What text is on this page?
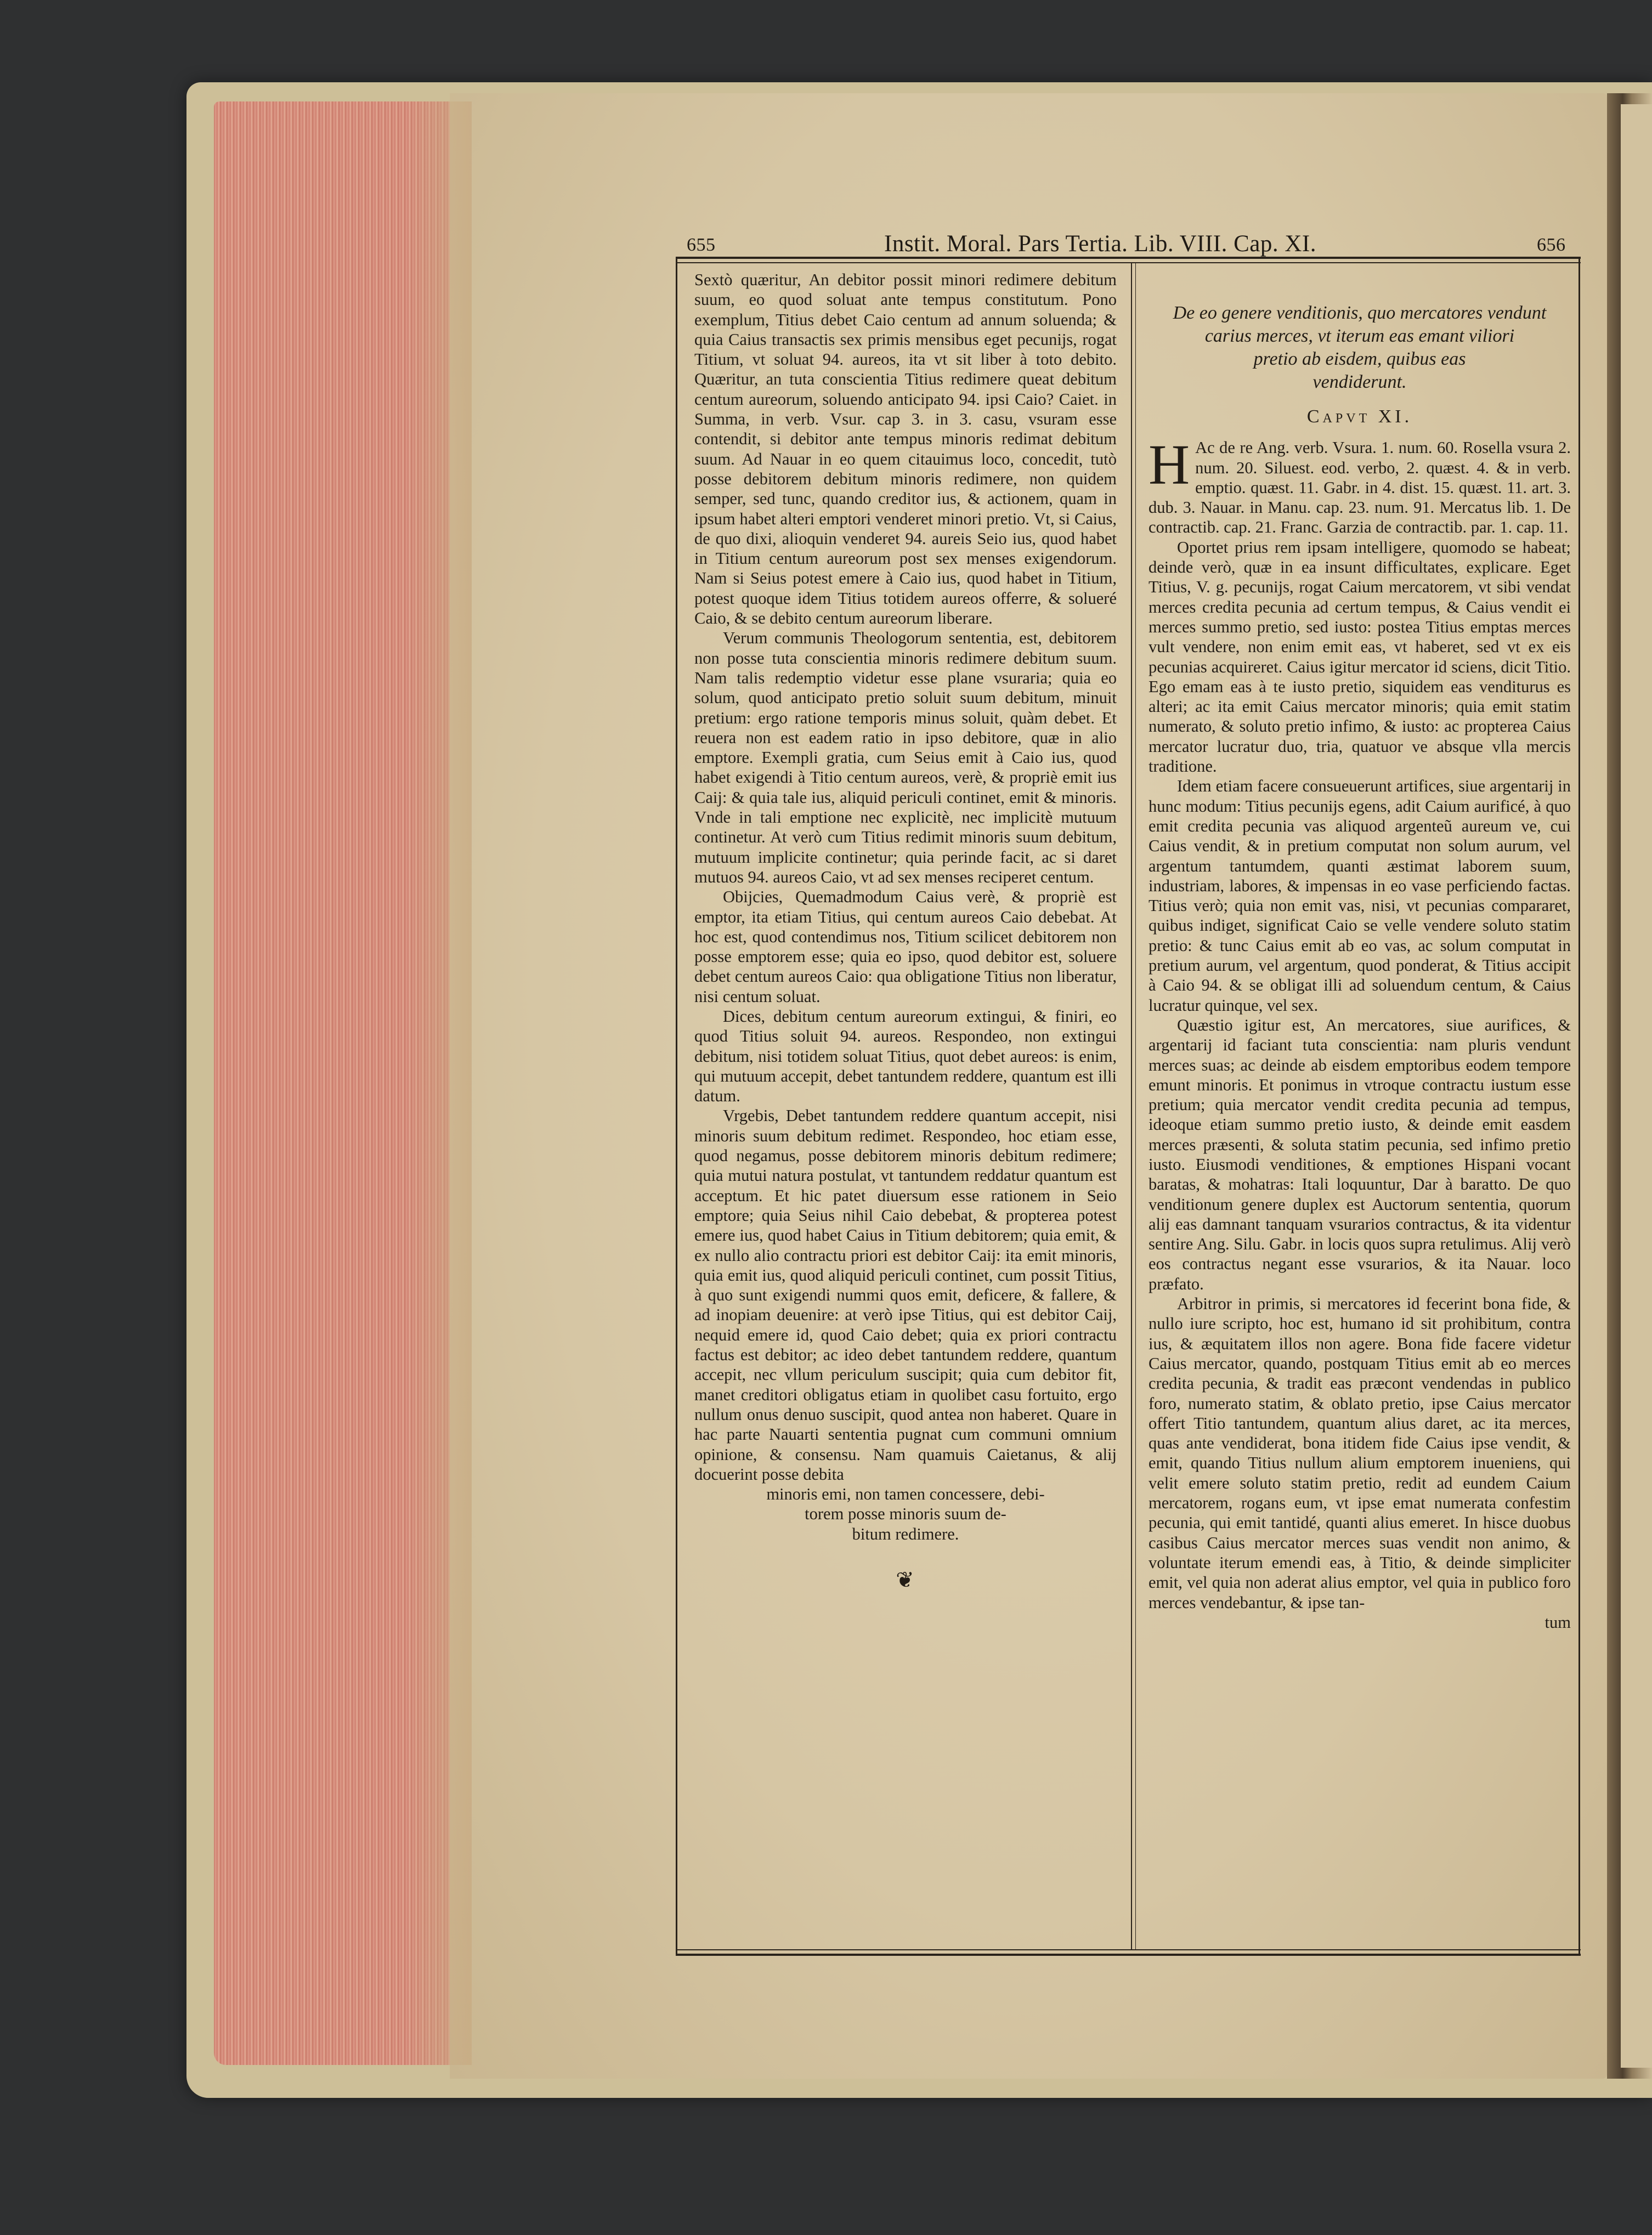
655	Instit. Moral. Pars Tertia. Lib. VIII. Cap. XI.	656

Sextò quæritur, An debitor possit minori redimere debitum suum, eo quod soluat ante tempus constitutum. Pono exemplum, Titius debet Caio centum ad annum soluenda; & quia Caius transactis sex primis mensibus eget pecunijs, rogat Titium, vt soluat 94. aureos, ita vt sit liber à toto debito. Quæritur, an tuta conscientia Titius redimere queat debitum centum aureorum, soluendo anticipato 94. ipsi Caio? Caiet. in Summa, in verb. Vsur. cap 3. in 3. casu, vsuram esse contendit, si debitor ante tempus minoris redimat debitum suum. Ad Nauar in eo quem citauimus loco, concedit, tutò posse debitorem debitum minoris redimere, non quidem semper, sed tunc, quando creditor ius, & actionem, quam in ipsum habet alteri emptori venderet minori pretio. Vt, si Caius, de quo dixi, alioquin venderet 94. aureis Seio ius, quod habet in Titium centum aureorum post sex menses exigendorum. Nam si Seius potest emere à Caio ius, quod habet in Titium, potest quoque idem Titius totidem aureos offerre, & solueré Caio, & se debito centum aureorum liberare.

Verum communis Theologorum sententia, est, debitorem non posse tuta conscientia minoris redimere debitum suum. Nam talis redemptio videtur esse plane vsuraria; quia eo solum, quod anticipato pretio soluit suum debitum, minuit pretium: ergo ratione temporis minus soluit, quàm debet. Et reuera non est eadem ratio in ipso debitore, quæ in alio emptore. Exempli gratia, cum Seius emit à Caio ius, quod habet exigendi à Titio centum aureos, verè, & propriè emit ius Caij: & quia tale ius, aliquid periculi continet, emit & minoris. Vnde in tali emptione nec explicitè, nec implicitè mutuum continetur. At verò cum Titius redimit minoris suum debitum, mutuum implicite continetur; quia perinde facit, ac si daret mutuos 94. aureos Caio, vt ad sex menses reciperet centum.

Obijcies, Quemadmodum Caius verè, & propriè est emptor, ita etiam Titius, qui centum aureos Caio debebat. At hoc est, quod contendimus nos, Titium scilicet debitorem non posse emptorem esse; quia eo ipso, quod debitor est, soluere debet centum aureos Caio: qua obligatione Titius non liberatur, nisi centum soluat.

Dices, debitum centum aureorum extingui, & finiri, eo quod Titius soluit 94. aureos. Respondeo, non extingui debitum, nisi totidem soluat Titius, quot debet aureos: is enim, qui mutuum accepit, debet tantundem reddere, quantum est illi datum.

Vrgebis, Debet tantundem reddere quantum accepit, nisi minoris suum debitum redimet. Respondeo, hoc etiam esse, quod negamus, posse debitorem minoris debitum redimere; quia mutui natura postulat, vt tantundem reddatur quantum est acceptum. Et hic patet diuersum esse rationem in Seio emptore; quia Seius nihil Caio debebat, & propterea potest emere ius, quod habet Caius in Titium debitorem; quia emit, & ex nullo alio contractu priori est debitor Caij: ita emit minoris, quia emit ius, quod aliquid periculi continet, cum possit Titius, à quo sunt exigendi nummi quos emit, deficere, & fallere, & ad inopiam deuenire: at verò ipse Titius, qui est debitor Caij, nequid emere id, quod Caio debet; quia ex priori contractu factus est debitor; ac ideo debet tantundem reddere, quantum accepit, nec vllum periculum suscipit; quia cum debitor fit, manet creditori obligatus etiam in quolibet casu fortuito, ergo nullum onus denuo suscipit, quod antea non haberet. Quare in hac parte Nauarti sententia pugnat cum communi omnium opinione, & consensu. Nam quamuis Caietanus, & alij docuerint posse debita

minoris emi, non tamen concessere, debi-

torem posse minoris suum de-

bitum redimere.

❦
De eo genere venditionis, quo mercatores vendunt
carius merces, vt iterum eas emant viliori
pretio ab eisdem, quibus eas
vendiderunt.
Capvt XI.

H Ac de re Ang. verb. Vsura. 1. num. 60. Rosella vsura 2. num. 20. Siluest. eod. verbo, 2. quæst. 4. & in verb. emptio. quæst. 11. Gabr. in 4. dist. 15. quæst. 11. art. 3. dub. 3. Nauar. in Manu. cap. 23. num. 91. Mercatus lib. 1. De contractib. cap. 21. Franc. Garzia de contractib. par. 1. cap. 11.

Oportet prius rem ipsam intelligere, quomodo se habeat; deinde verò, quæ in ea insunt difficultates, explicare. Eget Titius, V. g. pecunijs, rogat Caium mercatorem, vt sibi vendat merces credita pecunia ad certum tempus, & Caius vendit ei merces summo pretio, sed iusto: postea Titius emptas merces vult vendere, non enim emit eas, vt haberet, sed vt ex eis pecunias acquireret. Caius igitur mercator id sciens, dicit Titio. Ego emam eas à te iusto pretio, siquidem eas venditurus es alteri; ac ita emit Caius mercator minoris; quia emit statim numerato, & soluto pretio infimo, & iusto: ac propterea Caius mercator lucratur duo, tria, quatuor ve absque vlla mercis traditione.

Idem etiam facere consueuerunt artifices, siue argentarij in hunc modum: Titius pecunijs egens, adit Caium aurificé, à quo emit credita pecunia vas aliquod argenteũ aureum ve, cui Caius vendit, & in pretium computat non solum aurum, vel argentum tantumdem, quanti æstimat laborem suum, industriam, labores, & impensas in eo vase perficiendo factas. Titius verò; quia non emit vas, nisi, vt pecunias compararet, quibus indiget, significat Caio se velle vendere soluto statim pretio: & tunc Caius emit ab eo vas, ac solum computat in pretium aurum, vel argentum, quod ponderat, & Titius accipit à Caio 94. & se obligat illi ad soluendum centum, & Caius lucratur quinque, vel sex.

Quæstio igitur est, An mercatores, siue aurifices, & argentarij id faciant tuta conscientia: nam pluris vendunt merces suas; ac deinde ab eisdem emptoribus eodem tempore emunt minoris. Et ponimus in vtroque contractu iustum esse pretium; quia mercator vendit credita pecunia ad tempus, ideoque etiam summo pretio iusto, & deinde emit easdem merces præsenti, & soluta statim pecunia, sed infimo pretio iusto. Eiusmodi venditiones, & emptiones Hispani vocant baratas, & mohatras: Itali loquuntur, Dar à baratto. De quo venditionum genere duplex est Auctorum sententia, quorum alij eas damnant tanquam vsurarios contractus, & ita videntur sentire Ang. Silu. Gabr. in locis quos supra retulimus. Alij verò eos contractus negant esse vsurarios, & ita Nauar. loco præfato.

Arbitror in primis, si mercatores id fecerint bona fide, & nullo iure scripto, hoc est, humano id sit prohibitum, contra ius, & æquitatem illos non agere. Bona fide facere videtur Caius mercator, quando, postquam Titius emit ab eo merces credita pecunia, & tradit eas præcont vendendas in publico foro, numerato statim, & oblato pretio, ipse Caius mercator offert Titio tantundem, quantum alius daret, ac ita merces, quas ante vendiderat, bona itidem fide Caius ipse vendit, & emit, quando Titius nullum alium emptorem inueniens, qui velit emere soluto statim pretio, redit ad eundem Caium mercatorem, rogans eum, vt ipse emat numerata confestim pecunia, qui emit tantidé, quanti alius emeret. In hisce duobus casibus Caius mercator merces suas vendit non animo, & voluntate iterum emendi eas, à Titio, & deinde simpliciter emit, vel quia non aderat alius emptor, vel quia in publico foro merces vendebantur, & ipse tan-

tum
